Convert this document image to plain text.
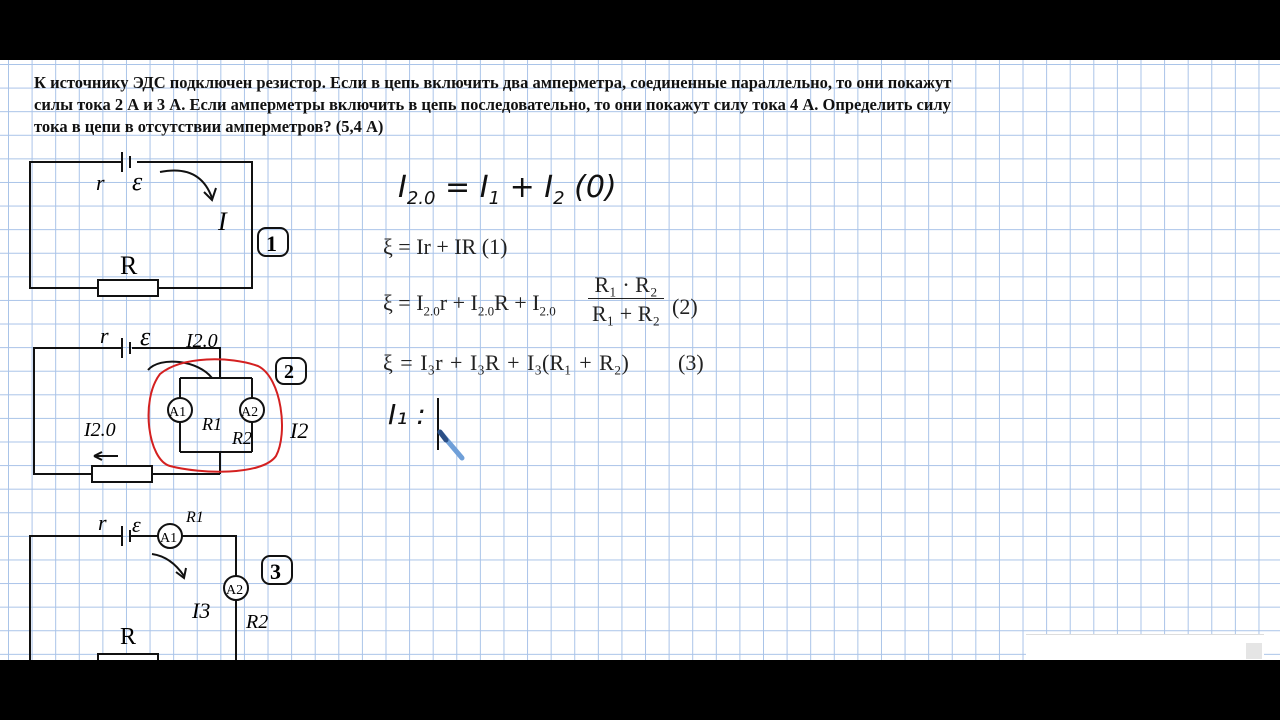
К источнику ЭДС подключен резистор. Если в цепь включить два амперметра, соединенные параллельно, то они покажут
силы тока 2 А и 3 А. Если амперметры включить в цепь последовательно, то они покажут силу тока 4 А. Определить силу
тока в цепи в отсутствии амперметров? (5,4 А)

$I_{2.0} = I_1 + I_2$ (0)
ξ = Ir + IR (1)
$\xi = I_{2.0}r + I_{2.0}R + I_{2.0} \frac{\text{R₁ · R₂}}{\text{R₁ + R₂}} (2)$
ξ = I₃r + I₃R + I₃(R₁ + R₂) (3)
I₁ :
r ε
I
R
1
r ε I2.0
I2.0	I2
A1	A2
R1
R2
2
r ε
A1
R1
A2
R2
I3
R
3
